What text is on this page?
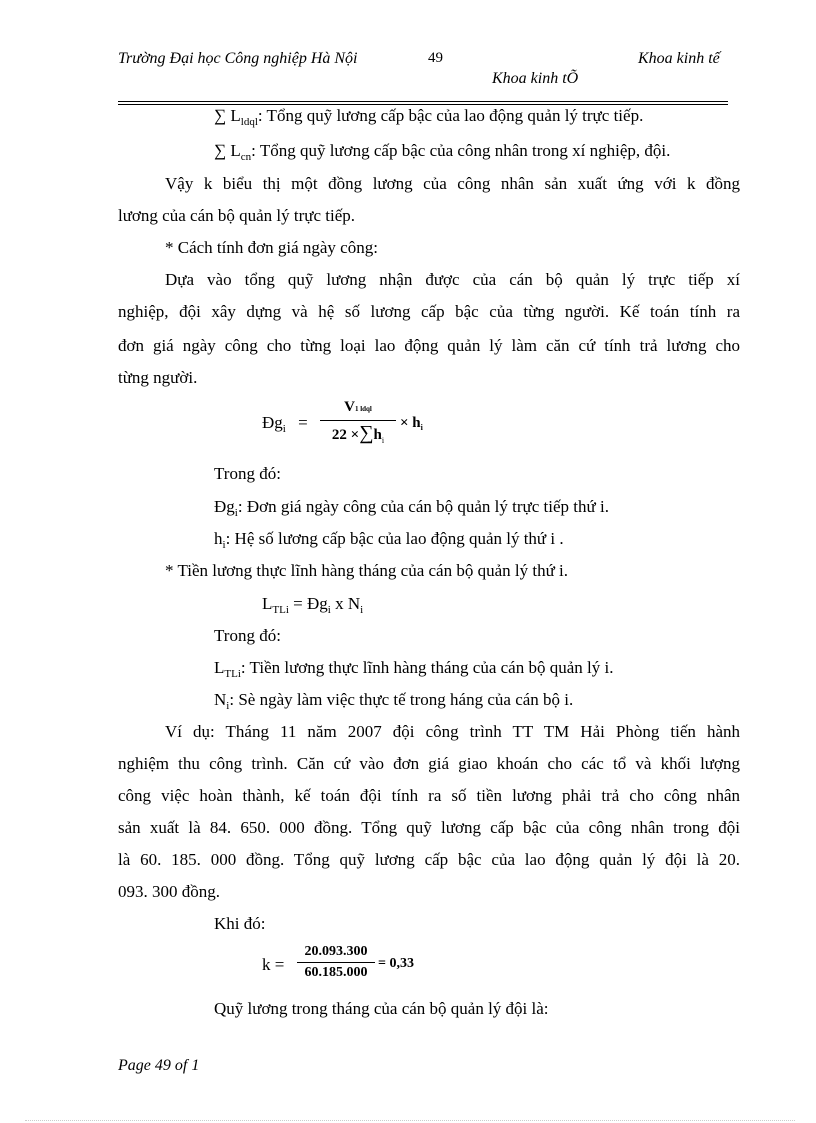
Trường Đại học Công nghiệp Hà Nội	49	Khoa kinh tế
Khoa kinh tÕ
∑ $L_{ldql}$: Tổng quỹ lương cấp bậc của lao động quản lý trực tiếp.
∑ $L_{cn}$: Tổng quỹ lương cấp bậc của công nhân trong xí nghiệp, đội.
Vậy k biểu thị một đồng lương của công nhân sản xuất ứng với k đồng
lương của cán bộ quản lý trực tiếp.
* Cách tính đơn giá ngày công:
Dựa vào tổng quỹ lương nhận được của cán bộ quản lý trực tiếp xí
nghiệp, đội xây dựng và hệ số lương cấp bậc của từng người. Kế toán tính ra
đơn giá ngày công cho từng loại lao động quản lý làm căn cứ tính trả lương cho
từng người.
$Đg_i$ =
V1 ldql
$22 \times\sum h_i$
× $h_i$
Trong đó:
$Đg_i$: Đơn giá ngày công của cán bộ quản lý trực tiếp thứ i.
$h_i$: Hệ số lương cấp bậc của lao động quản lý thứ i .
* Tiền lương thực lĩnh hàng tháng của cán bộ quản lý thứ i.
$L_{TLi}$ = $Đg_i$ x $N_i$
Trong đó:
$L_{TLi}$: Tiền lương thực lĩnh hàng tháng của cán bộ quản lý i.
$N_i$: Sè ngày làm việc thực tế trong háng của cán bộ i.
Ví dụ: Tháng 11 năm 2007 đội công trình TT TM Hải Phòng tiến hành
nghiệm thu công trình. Căn cứ vào đơn giá giao khoán cho các tổ và khối lượng
công việc hoàn thành, kế toán đội tính ra số tiền lương phải trả cho công nhân
sản xuất là 84. 650. 000 đồng. Tổng quỹ lương cấp bậc của công nhân trong đội
là 60. 185. 000 đồng. Tổng quỹ lương cấp bậc của lao động quản lý đội là 20.
093. 300 đồng.
Khi đó:
$k = \frac{20.093.300}{60.185.000} = 0,33$
Quỹ lương trong tháng của cán bộ quản lý đội là:
Page 49 of 1
